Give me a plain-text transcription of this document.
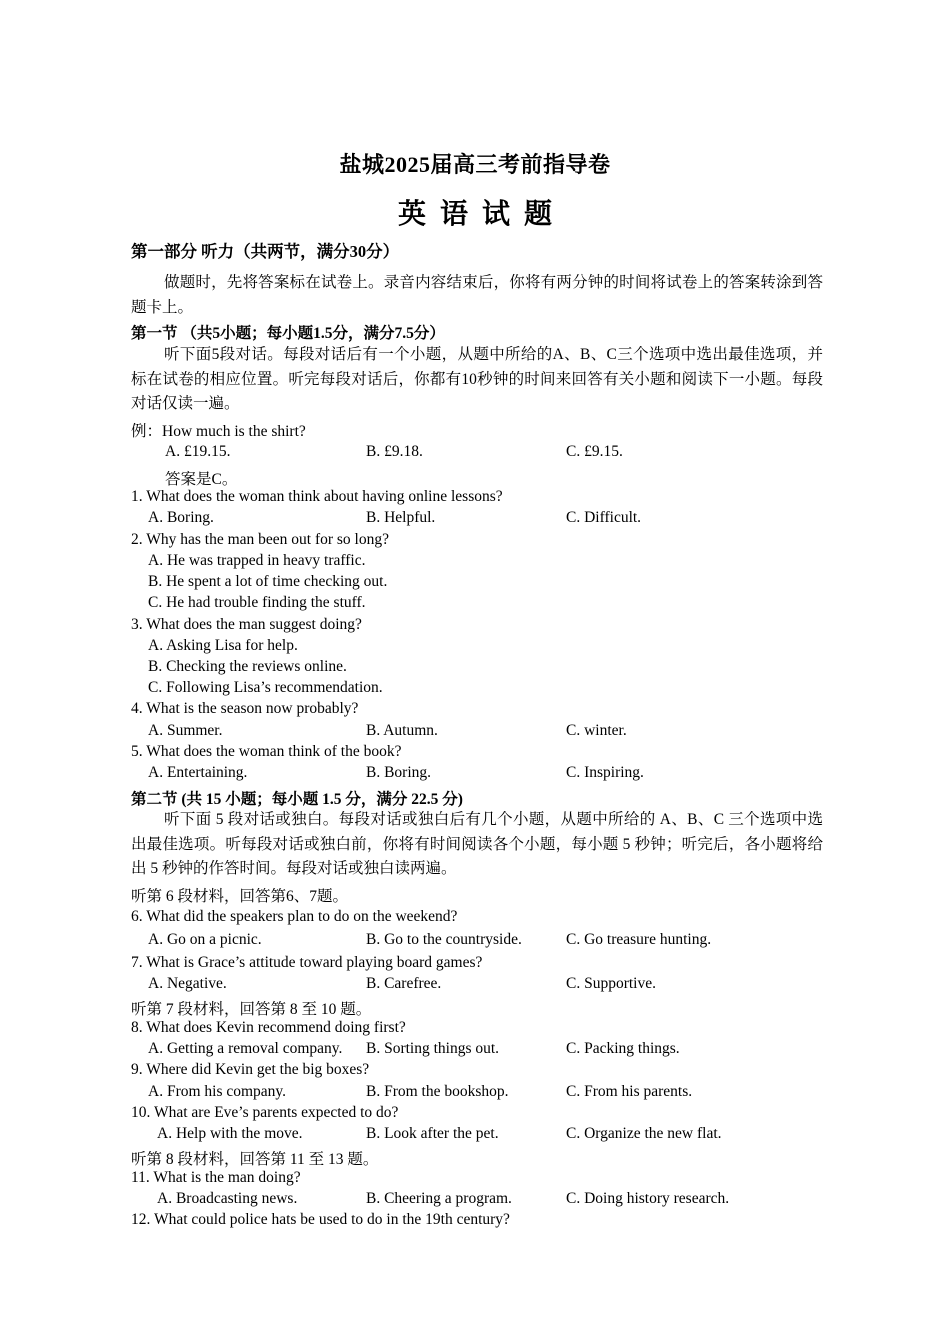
盐城2025届高三考前指导卷
英语试题
第一部分 听力（共两节，满分30分）
做题时，先将答案标在试卷上。录音内容结束后，你将有两分钟的时间将试卷上的答案转涂到答题卡上。
第一节 （共5小题；每小题1.5分，满分7.5分）
听下面5段对话。每段对话后有一个小题，从题中所给的A、B、C三个选项中选出最佳选项，并标在试卷的相应位置。听完每段对话后，你都有10秒钟的时间来回答有关小题和阅读下一小题。每段对话仅读一遍。
例：How much is the shirt?
A. £19.15.	B. £9.18.	C. £9.15.
答案是C。
1. What does the woman think about having online lessons?
A. Boring.	B. Helpful.	C. Difficult.
2. Why has the man been out for so long?
A. He was trapped in heavy traffic.
B. He spent a lot of time checking out.
C. He had trouble finding the stuff.
3. What does the man suggest doing?
A. Asking Lisa for help.
B. Checking the reviews online.
C. Following Lisa’s recommendation.
4. What is the season now probably?
A. Summer.	B. Autumn.	C. winter.
5. What does the woman think of the book?
A. Entertaining.	B. Boring.	C. Inspiring.
第二节 (共 15 小题；每小题 1.5 分，满分 22.5 分)
听下面 5 段对话或独白。每段对话或独白后有几个小题，从题中所给的 A、B、C 三个选项中选出最佳选项。听每段对话或独白前，你将有时间阅读各个小题，每小题 5 秒钟；听完后，各小题将给出 5 秒钟的作答时间。每段对话或独白读两遍。
听第 6 段材料，回答第6、7题。
6. What did the speakers plan to do on the weekend?
A. Go on a picnic.	B. Go to the countryside.	C. Go treasure hunting.
7. What is Grace’s attitude toward playing board games?
A. Negative.	B. Carefree.	C. Supportive.
听第 7 段材料，回答第 8 至 10 题。
8. What does Kevin recommend doing first?
A. Getting a removal company. B. Sorting things out.	C. Packing things.
9. Where did Kevin get the big boxes?
A. From his company.	B. From the bookshop.	C. From his parents.
10. What are Eve’s parents expected to do?
A. Help with the move.	B. Look after the pet.	C. Organize the new flat.
听第 8 段材料，回答第 11 至 13 题。
11. What is the man doing?
A. Broadcasting news.	B. Cheering a program.	C. Doing history research.
12. What could police hats be used to do in the 19th century?
